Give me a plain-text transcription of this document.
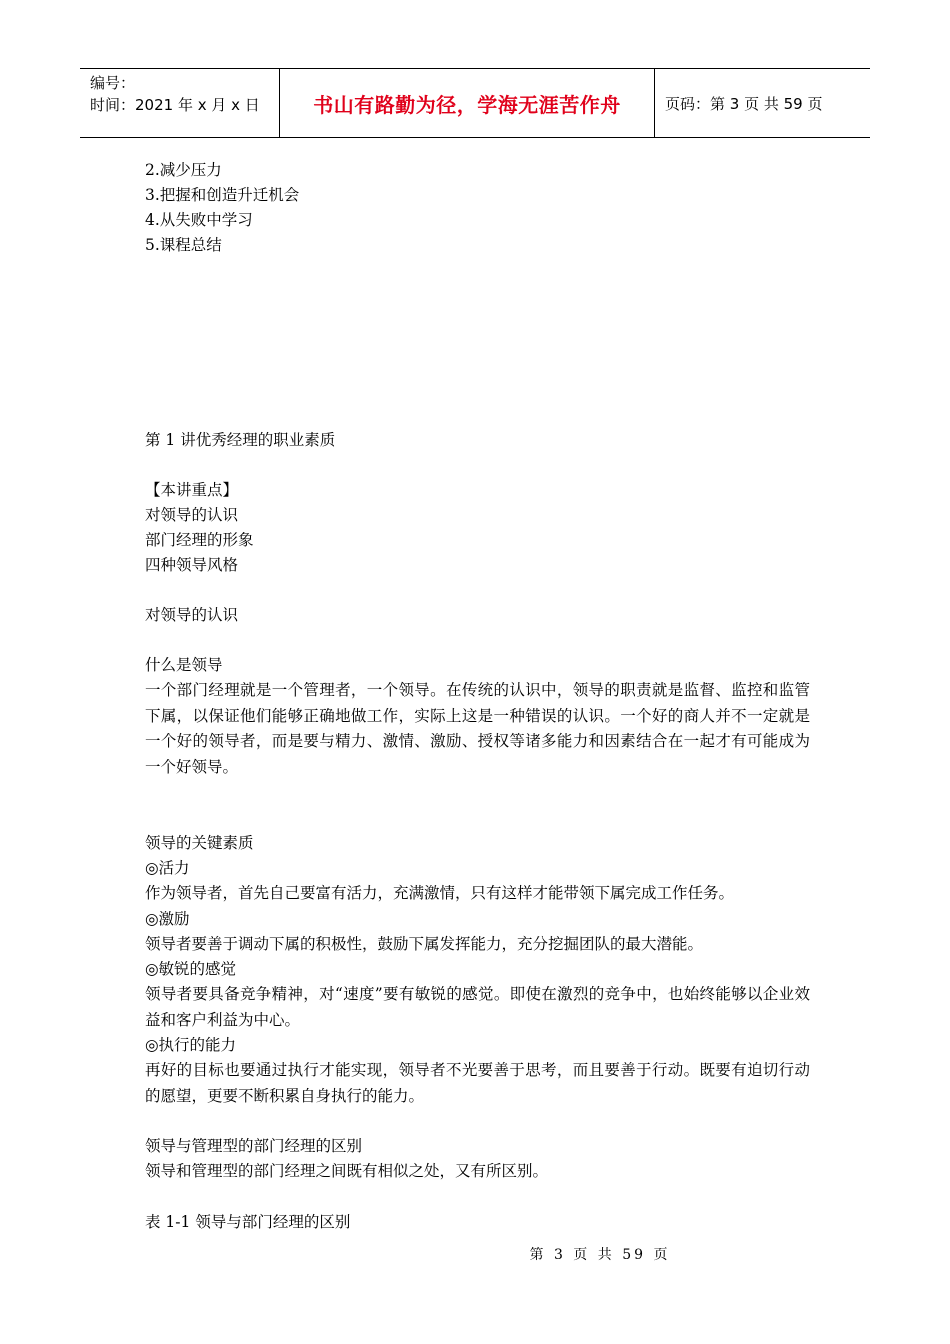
编号：
时间：2021 年 x 月 x 日	书山有路勤为径，学海无涯苦作舟	页码：第 3 页 共 59 页
2.减少压力
3.把握和创造升迁机会
4.从失败中学习
5.课程总结
第 1 讲优秀经理的职业素质
【本讲重点】
对领导的认识
部门经理的形象
四种领导风格
对领导的认识
什么是领导
一个部门经理就是一个管理者，一个领导。在传统的认识中，领导的职责就是监督、监控和监管下属，以保证他们能够正确地做工作，实际上这是一种错误的认识。一个好的商人并不一定就是一个好的领导者，而是要与精力、激情、激励、授权等诸多能力和因素结合在一起才有可能成为一个好领导。
领导的关键素质
◎活力
作为领导者，首先自己要富有活力，充满激情，只有这样才能带领下属完成工作任务。
◎激励
领导者要善于调动下属的积极性，鼓励下属发挥能力，充分挖掘团队的最大潜能。
◎敏锐的感觉
领导者要具备竞争精神，对“速度”要有敏锐的感觉。即使在激烈的竞争中，也始终能够以企业效益和客户利益为中心。
◎执行的能力
再好的目标也要通过执行才能实现，领导者不光要善于思考，而且要善于行动。既要有迫切行动的愿望，更要不断积累自身执行的能力。
领导与管理型的部门经理的区别
领导和管理型的部门经理之间既有相似之处，又有所区别。
表 1-1 领导与部门经理的区别
第 3 页 共 59 页
